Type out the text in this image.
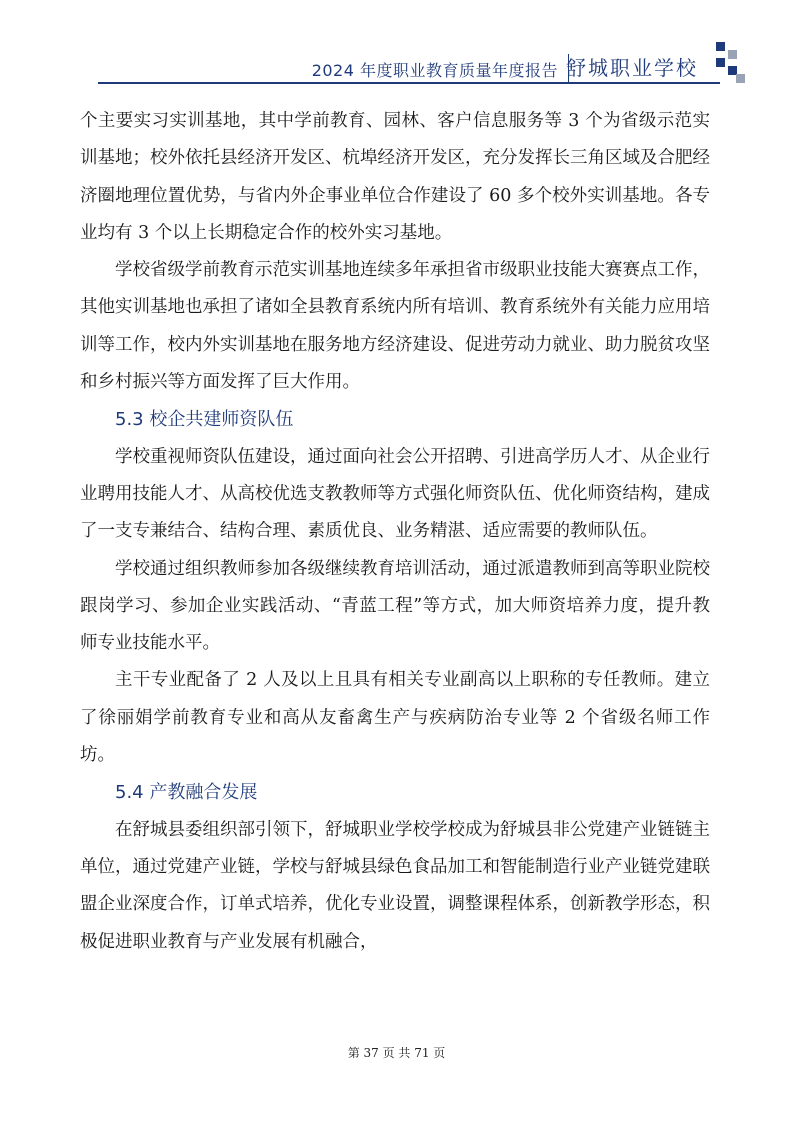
2024 年度职业教育质量年度报告 舒城职业学校

个主要实习实训基地，其中学前教育、园林、客户信息服务等 3 个为省级示范实训基地；校外依托县经济开发区、杭埠经济开发区，充分发挥长三角区域及合肥经济圈地理位置优势，与省内外企事业单位合作建设了 60 多个校外实训基地。各专业均有 3 个以上长期稳定合作的校外实习基地。

学校省级学前教育示范实训基地连续多年承担省市级职业技能大赛赛点工作，其他实训基地也承担了诸如全县教育系统内所有培训、教育系统外有关能力应用培训等工作，校内外实训基地在服务地方经济建设、促进劳动力就业、助力脱贫攻坚和乡村振兴等方面发挥了巨大作用。

5.3 校企共建师资队伍

学校重视师资队伍建设，通过面向社会公开招聘、引进高学历人才、从企业行业聘用技能人才、从高校优选支教教师等方式强化师资队伍、优化师资结构，建成了一支专兼结合、结构合理、素质优良、业务精湛、适应需要的教师队伍。

学校通过组织教师参加各级继续教育培训活动，通过派遣教师到高等职业院校跟岗学习、参加企业实践活动、“青蓝工程”等方式，加大师资培养力度，提升教师专业技能水平。

主干专业配备了 2 人及以上且具有相关专业副高以上职称的专任教师。建立了徐丽娟学前教育专业和高从友畜禽生产与疾病防治专业等 2 个省级名师工作坊。

5.4 产教融合发展

在舒城县委组织部引领下，舒城职业学校学校成为舒城县非公党建产业链链主单位，通过党建产业链，学校与舒城县绿色食品加工和智能制造行业产业链党建联盟企业深度合作，订单式培养，优化专业设置，调整课程体系，创新教学形态，积极促进职业教育与产业发展有机融合，

第 37 页 共 71 页
